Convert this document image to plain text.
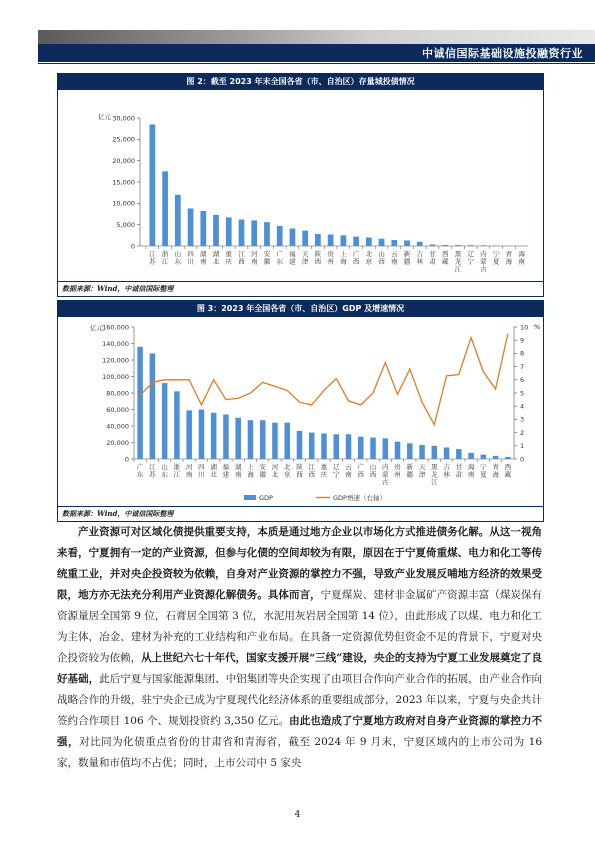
中诚信国际基础设施投融资行业
图 2：截至 2023 年末全国各省（市、自治区）存量城投债情况
亿元
0
5,000
10,000
15,000
20,000
25,000
30,000
江苏
浙江
山东
四川
湖南
湖北
重庆
江西
河南
安徽
广东
福建
天津
陕西
贵州
上海
广西
北京
山西
云南
新疆
吉林
甘肃
西藏
黑龙江
辽宁
内蒙古
宁夏
青海
海南
数据来源：Wind，中诚信国际整理
图 3：2023 年全国各省（市、自治区）GDP 及增速情况
亿元	%
0
20,000
40,000
60,000
80,000
100,000
120,000
140,000
160,000
0
1
2
3
4
5
6
7
8
9
10
广东
江苏
山东
浙江
河南
四川
湖北
福建
湖南
上海
安徽
河北
北京
陕西
江西
重庆
辽宁
云南
广西
山西
内蒙古
贵州
新疆
天津
黑龙江
吉林
甘肃
海南
宁夏
青海
西藏
GDP	GDP增速（右轴）
数据来源：Wind，中诚信国际整理

产业资源可对区域化债提供重要支持，本质是通过地方企业以市场化方式推进债务化解。从这一视角来看，宁夏拥有一定的产业资源，但参与化债的空间却较为有限，原因在于宁夏倚重煤、电力和化工等传统重工业，并对央企投资较为依赖，自身对产业资源的掌控力不强，导致产业发展反哺地方经济的效果受限，地方亦无法充分利用产业资源化解债务。具体而言，宁夏煤炭、建材非金属矿产资源丰富（煤炭保有资源量居全国第 9 位，石膏居全国第 3 位，水泥用灰岩居全国第 14 位），由此形成了以煤、电力和化工为主体，冶金、建材为补充的工业结构和产业布局。在具备一定资源优势但资金不足的背景下，宁夏对央企投资较为依赖，从上世纪六七十年代，国家支援开展“三线”建设，央企的支持为宁夏工业发展奠定了良好基础，此后宁夏与国家能源集团、中铝集团等央企实现了由项目合作向产业合作的拓展，由产业合作向战略合作的升级，驻宁央企已成为宁夏现代化经济体系的重要组成部分，2023 年以来，宁夏与央企共计签约合作项目 106 个、规划投资约 3,350 亿元。由此也造成了宁夏地方政府对自身产业资源的掌控力不强，对比同为化债重点省份的甘肃省和青海省，截至 2024 年 9 月末，宁夏区域内的上市公司为 16 家，数量和市值均不占优；同时，上市公司中 5 家央

4
